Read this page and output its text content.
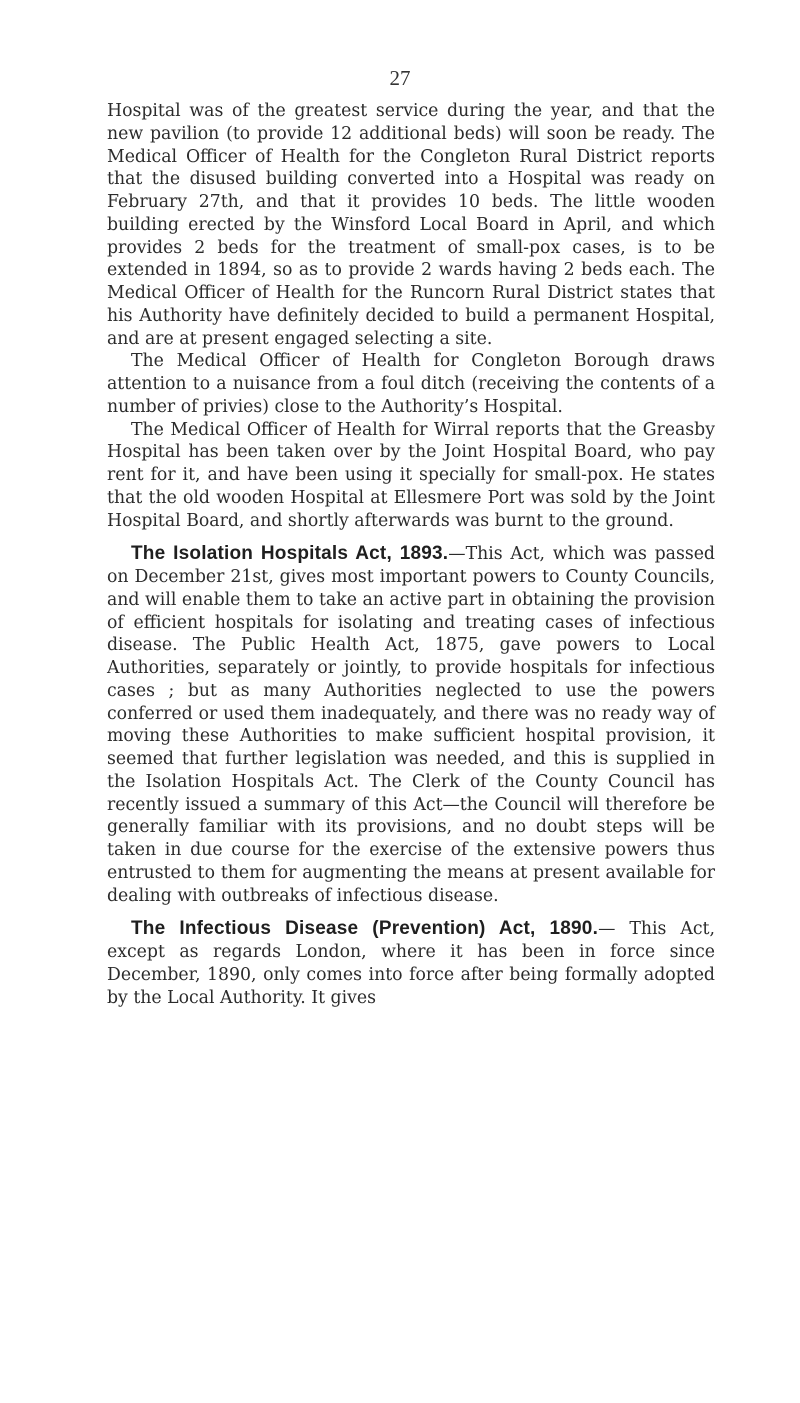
27

Hospital was of the greatest service during the year, and that the new pavilion (to provide 12 additional beds) will soon be ready. The Medical Officer of Health for the Congleton Rural District reports that the disused building converted into a Hospital was ready on February 27th, and that it provides 10 beds. The little wooden building erected by the Winsford Local Board in April, and which provides 2 beds for the treatment of small-pox cases, is to be extended in 1894, so as to provide 2 wards having 2 beds each. The Medical Officer of Health for the Runcorn Rural District states that his Authority have definitely decided to build a permanent Hospital, and are at present engaged selecting a site.

The Medical Officer of Health for Congleton Borough draws attention to a nuisance from a foul ditch (receiving the contents of a number of privies) close to the Authority’s Hospital.

The Medical Officer of Health for Wirral reports that the Greasby Hospital has been taken over by the Joint Hospital Board, who pay rent for it, and have been using it specially for small-pox. He states that the old wooden Hospital at Ellesmere Port was sold by the Joint Hospital Board, and shortly afterwards was burnt to the ground.

The Isolation Hospitals Act, 1893.—This Act, which was passed on December 21st, gives most important powers to County Councils, and will enable them to take an active part in obtaining the provision of efficient hospitals for isolating and treating cases of infectious disease. The Public Health Act, 1875, gave powers to Local Authorities, separately or jointly, to provide hospitals for infectious cases ; but as many Authorities neglected to use the powers conferred or used them inadequately, and there was no ready way of moving these Authorities to make sufficient hospital provision, it seemed that further legislation was needed, and this is supplied in the Isolation Hospitals Act. The Clerk of the County Council has recently issued a summary of this Act—the Council will therefore be generally familiar with its provisions, and no doubt steps will be taken in due course for the exercise of the extensive powers thus entrusted to them for augmenting the means at present available for dealing with outbreaks of infectious disease.

The Infectious Disease (Prevention) Act, 1890.— This Act, except as regards London, where it has been in force since December, 1890, only comes into force after being formally adopted by the Local Authority. It gives
